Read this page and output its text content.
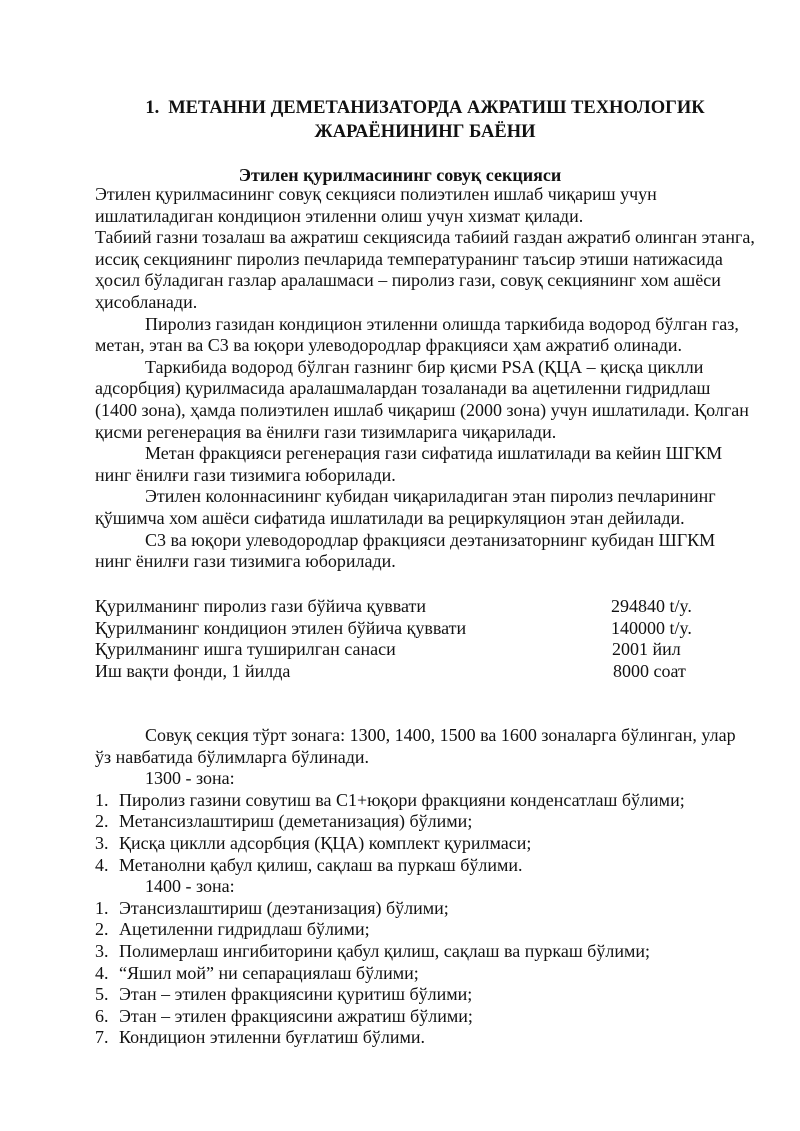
1. МЕТАННИ ДЕМЕТАНИЗАТОРДА АЖРАТИШ ТЕХНОЛОГИК
ЖАРАЁНИНИНГ БАЁНИ
Этилен қурилмасининг совуқ секцияси

Этилен қурилмасининг совуқ секцияси полиэтилен ишлаб чиқариш учун ишлатиладиган кондицион этиленни олиш учун хизмат қилади.

Табиий газни тозалаш ва ажратиш секциясида табиий газдан ажратиб олинган этанга, иссиқ секциянинг пиролиз печларида температуранинг таъсир этиши натижасида ҳосил бўладиган газлар аралашмаси – пиролиз гази, совуқ секциянинг хом ашёси ҳисобланади.

Пиролиз газидан кондицион этиленни олишда таркибида водород бўлган газ, метан, этан ва С3 ва юқори улеводородлар фракцияси ҳам ажратиб олинади.

Таркибида водород бўлган газнинг бир қисми PSA (ҚЦА – қисқа циклли адсорбция) қурилмасида аралашмалардан тозаланади ва ацетиленни гидридлаш (1400 зона), ҳамда полиэтилен ишлаб чиқариш (2000 зона) учун ишлатилади. Қолган қисми регенерация ва ёнилғи гази тизимларига чиқарилади.

Метан фракцияси регенерация гази сифатида ишлатилади ва кейин ШГКМ нинг ёнилғи гази тизимига юборилади.

Этилен колоннасининг кубидан чиқариладиган этан пиролиз печларининг қўшимча хом ашёси сифатида ишлатилади ва рециркуляцион этан дейилади.

С3 ва юқори улеводородлар фракцияси деэтанизаторнинг кубидан ШГКМ нинг ёнилғи гази тизимига юборилади.

Қурилманинг пиролиз гази бўйича қуввати	294840 t/y.
Қурилманинг кондицион этилен бўйича қуввати	140000 t/y.
Қурилманинг ишга туширилган санаси	2001 йил
Иш вақти фонди, 1 йилда	8000 соат

Совуқ секция тўрт зонага: 1300, 1400, 1500 ва 1600 зоналарга бўлинган, улар ўз навбатида бўлимларга бўлинади.

1300 - зона:

1. Пиролиз газини совутиш ва С1+юқори фракцияни конденсатлаш бўлими;
2. Метансизлаштириш (деметанизация) бўлими;
3. Қисқа циклли адсорбция (ҚЦА) комплект қурилмаси;
4. Метанолни қабул қилиш, сақлаш ва пуркаш бўлими.

1400 - зона:

1. Этансизлаштириш (деэтанизация) бўлими;
2. Ацетиленни гидридлаш бўлими;
3. Полимерлаш ингибиторини қабул қилиш, сақлаш ва пуркаш бўлими;
4. “Яшил мой” ни сепарациялаш бўлими;
5. Этан – этилен фракциясини қуритиш бўлими;
6. Этан – этилен фракциясини ажратиш бўлими;
7. Кондицион этиленни буғлатиш бўлими.
